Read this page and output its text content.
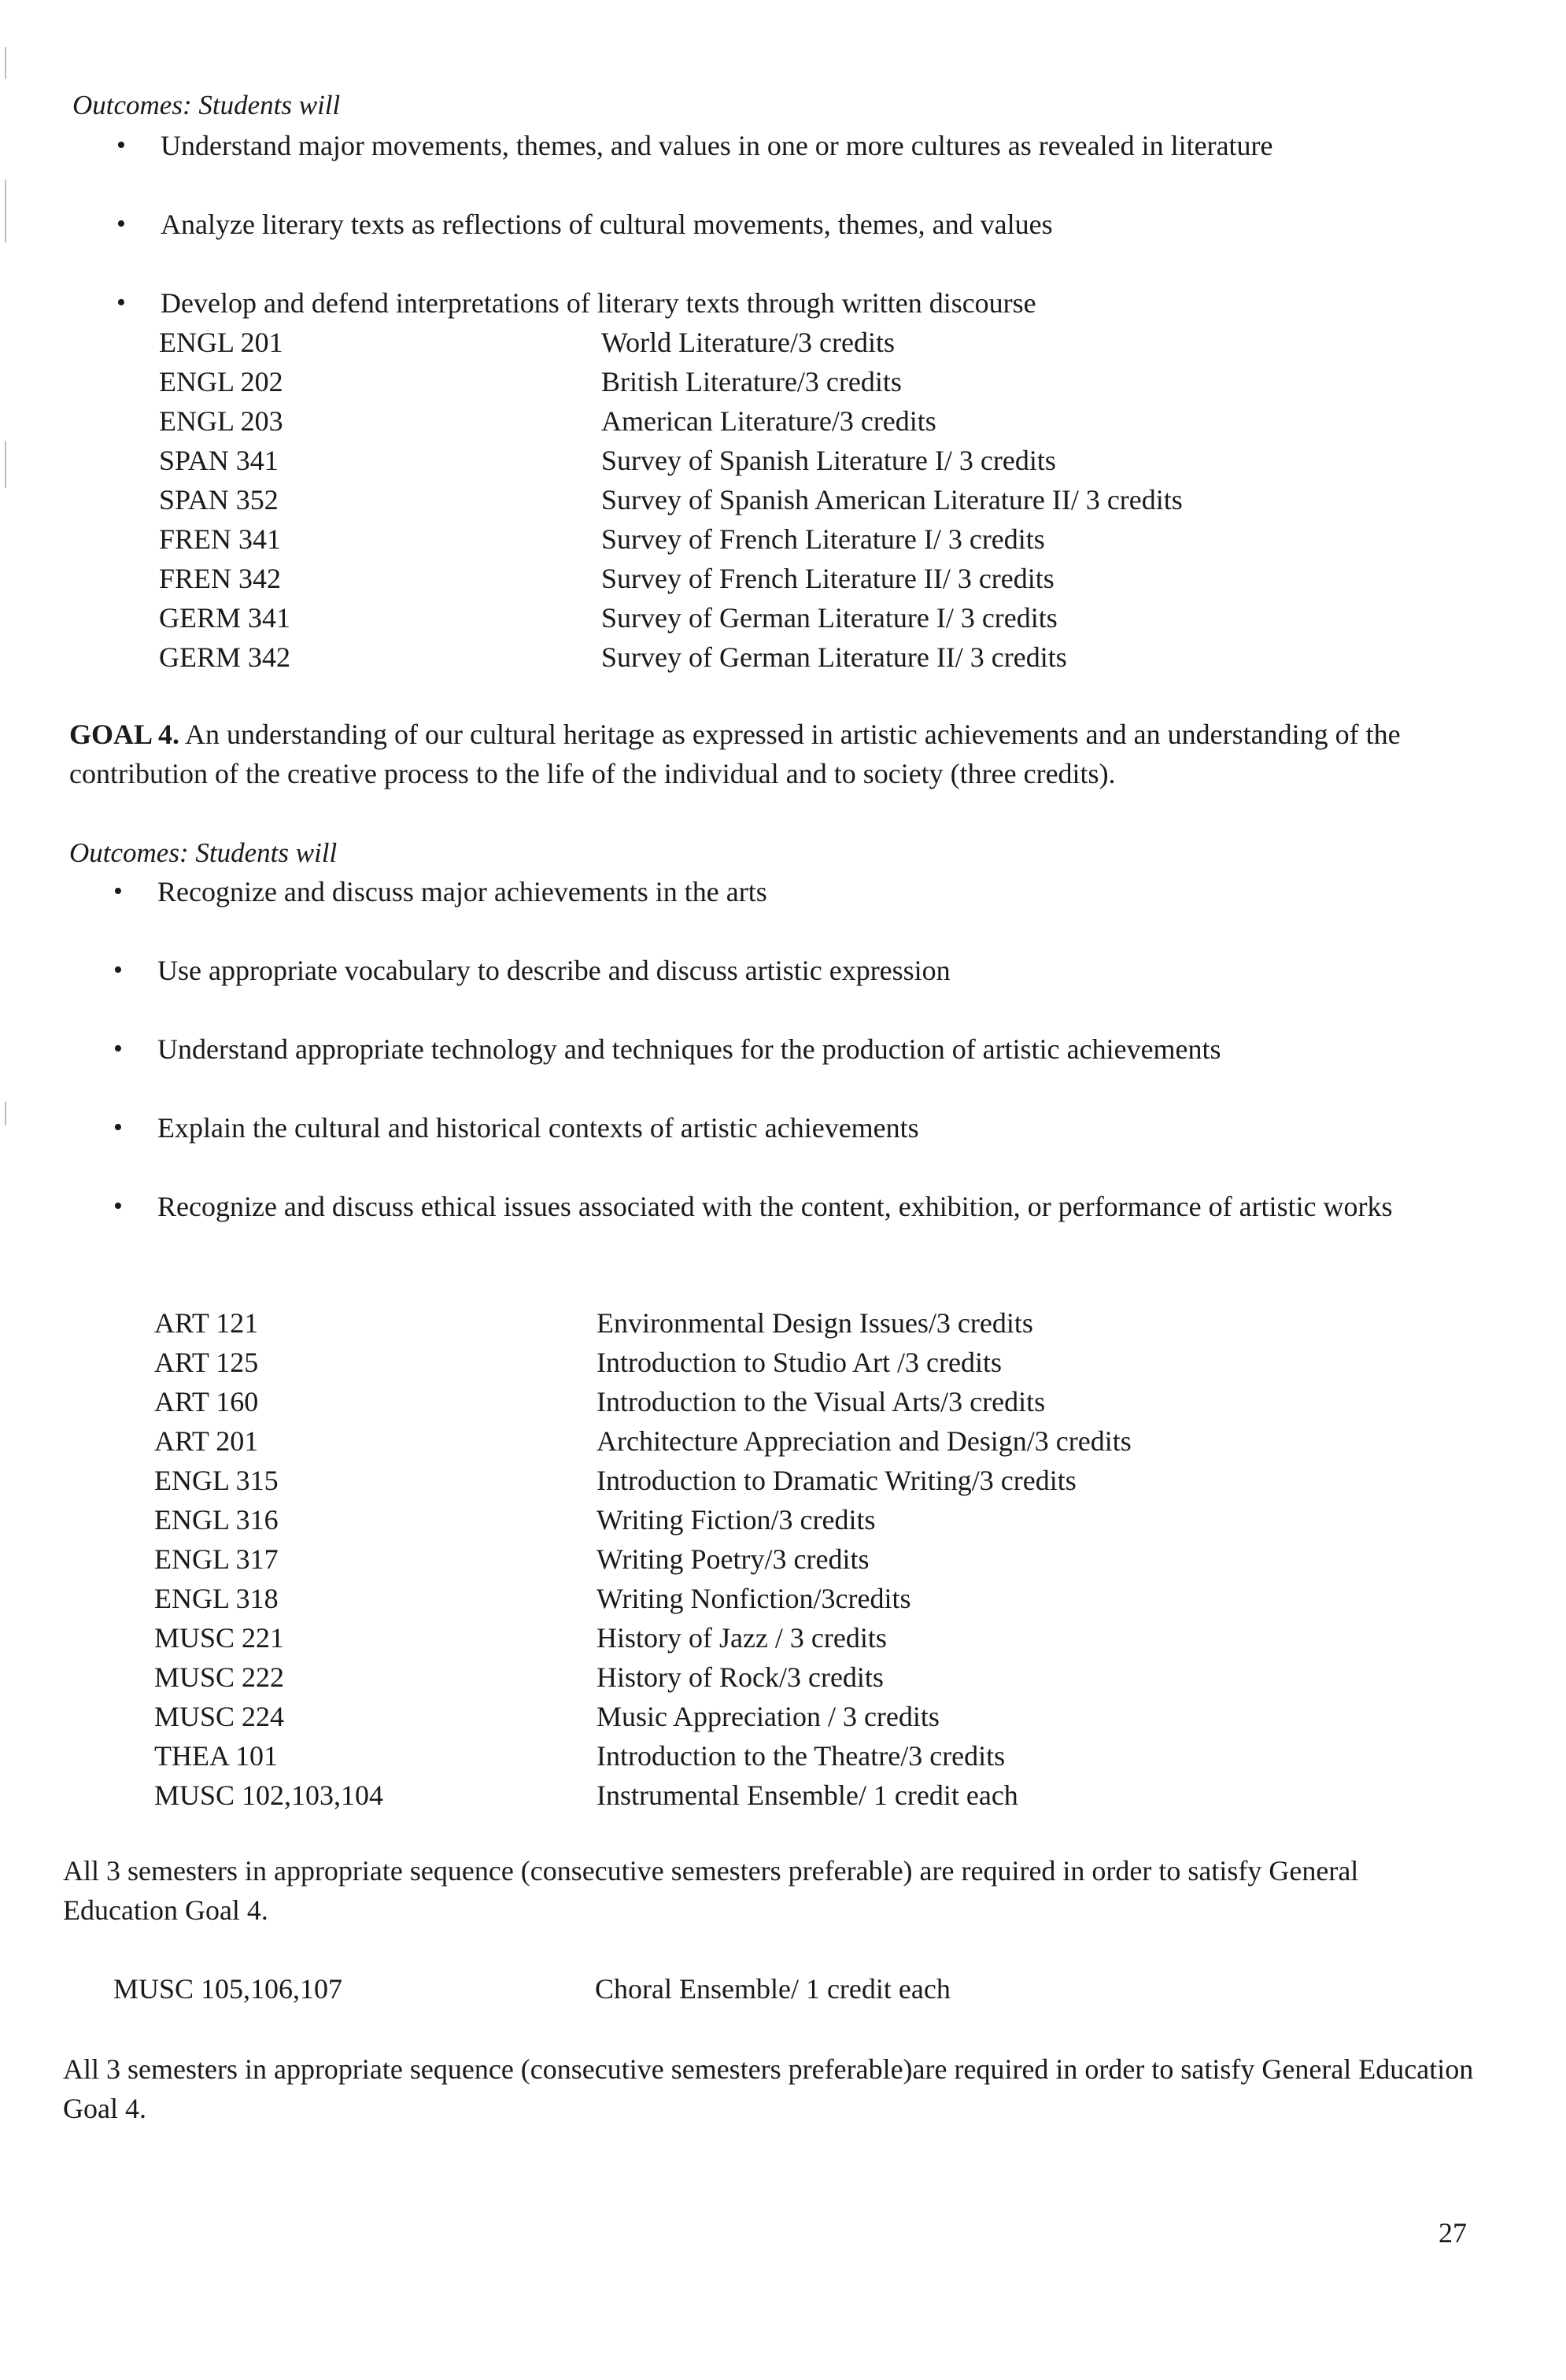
Outcomes: Students will
• Understand major movements, themes, and values in one or more cultures as revealed in literature
• Analyze literary texts as reflections of cultural movements, themes, and values
• Develop and defend interpretations of literary texts through written discourse
ENGL 201	World Literature/3 credits
ENGL 202	British Literature/3 credits
ENGL 203	American Literature/3 credits
SPAN 341	Survey of Spanish Literature I/ 3 credits
SPAN 352	Survey of Spanish American Literature II/ 3 credits
FREN 341	Survey of French Literature I/ 3 credits
FREN 342	Survey of French Literature II/ 3 credits
GERM 341	Survey of German Literature I/ 3 credits
GERM 342	Survey of German Literature II/ 3 credits

GOAL 4. An understanding of our cultural heritage as expressed in artistic achievements and an understanding of the contribution of the creative process to the life of the individual and to society (three credits).

Outcomes: Students will
• Recognize and discuss major achievements in the arts
• Use appropriate vocabulary to describe and discuss artistic expression
• Understand appropriate technology and techniques for the production of artistic achievements
• Explain the cultural and historical contexts of artistic achievements
• Recognize and discuss ethical issues associated with the content, exhibition, or performance of artistic works
ART 121	Environmental Design Issues/3 credits
ART 125	Introduction to Studio Art /3 credits
ART 160	Introduction to the Visual Arts/3 credits
ART 201	Architecture Appreciation and Design/3 credits
ENGL 315	Introduction to Dramatic Writing/3 credits
ENGL 316	Writing Fiction/3 credits
ENGL 317	Writing Poetry/3 credits
ENGL 318	Writing Nonfiction/3credits
MUSC 221	History of Jazz / 3 credits
MUSC 222	History of Rock/3 credits
MUSC 224	Music Appreciation / 3 credits
THEA 101	Introduction to the Theatre/3 credits
MUSC 102,103,104	Instrumental Ensemble/ 1 credit each

All 3 semesters in appropriate sequence (consecutive semesters preferable) are required in order to satisfy General Education Goal 4.

MUSC 105,106,107	Choral Ensemble/ 1 credit each

All 3 semesters in appropriate sequence (consecutive semesters preferable)are required in order to satisfy General Education Goal 4.

27
